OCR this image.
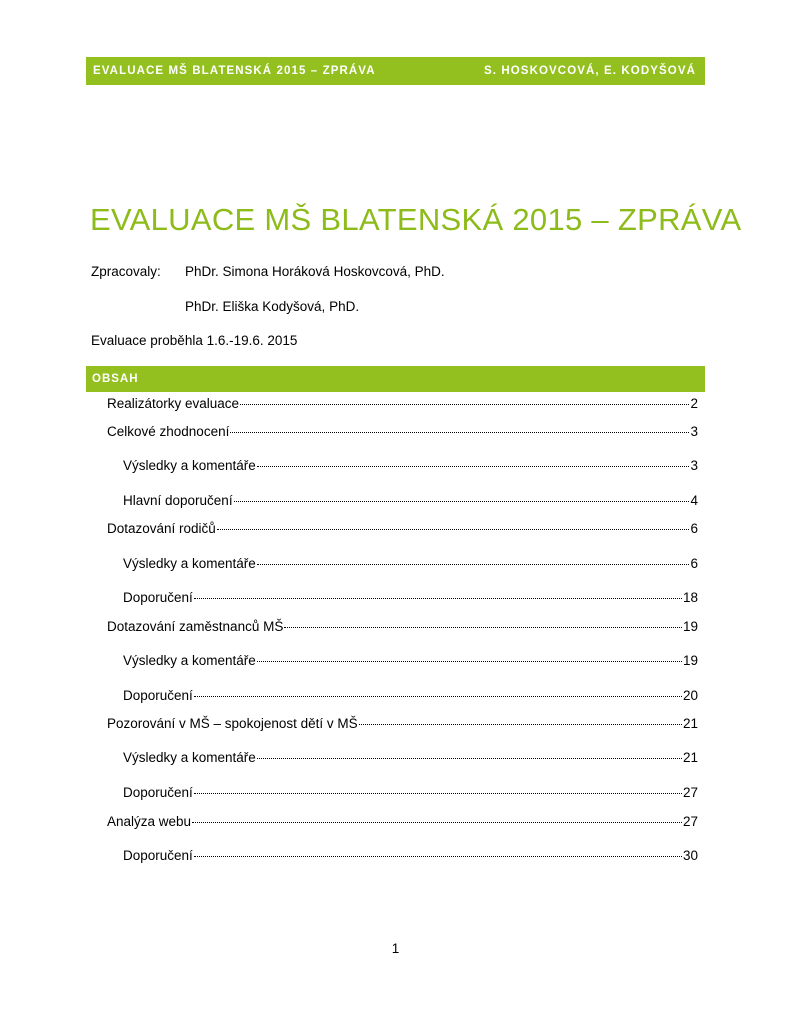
EVALUACE MŠ BLATENSKÁ 2015 – ZPRÁVA	S. HOSKOVCOVÁ, E. KODYŠOVÁ
EVALUACE MŠ BLATENSKÁ 2015 – ZPRÁVA
Zpracovaly: PhDr. Simona Horáková Hoskovcová, PhD.
PhDr. Eliška Kodyšová, PhD.
Evaluace proběhla 1.6.-19.6. 2015
OBSAH
Realizátorky evaluace	2
Celkové zhodnocení	3
Výsledky a komentáře	3
Hlavní doporučení	4
Dotazování rodičů	6
Výsledky a komentáře	6
Doporučení	18
Dotazování zaměstnanců MŠ	19
Výsledky a komentáře	19
Doporučení	20
Pozorování v MŠ – spokojenost dětí v MŠ	21
Výsledky a komentáře	21
Doporučení	27
Analýza webu	27
Doporučení	30
1
